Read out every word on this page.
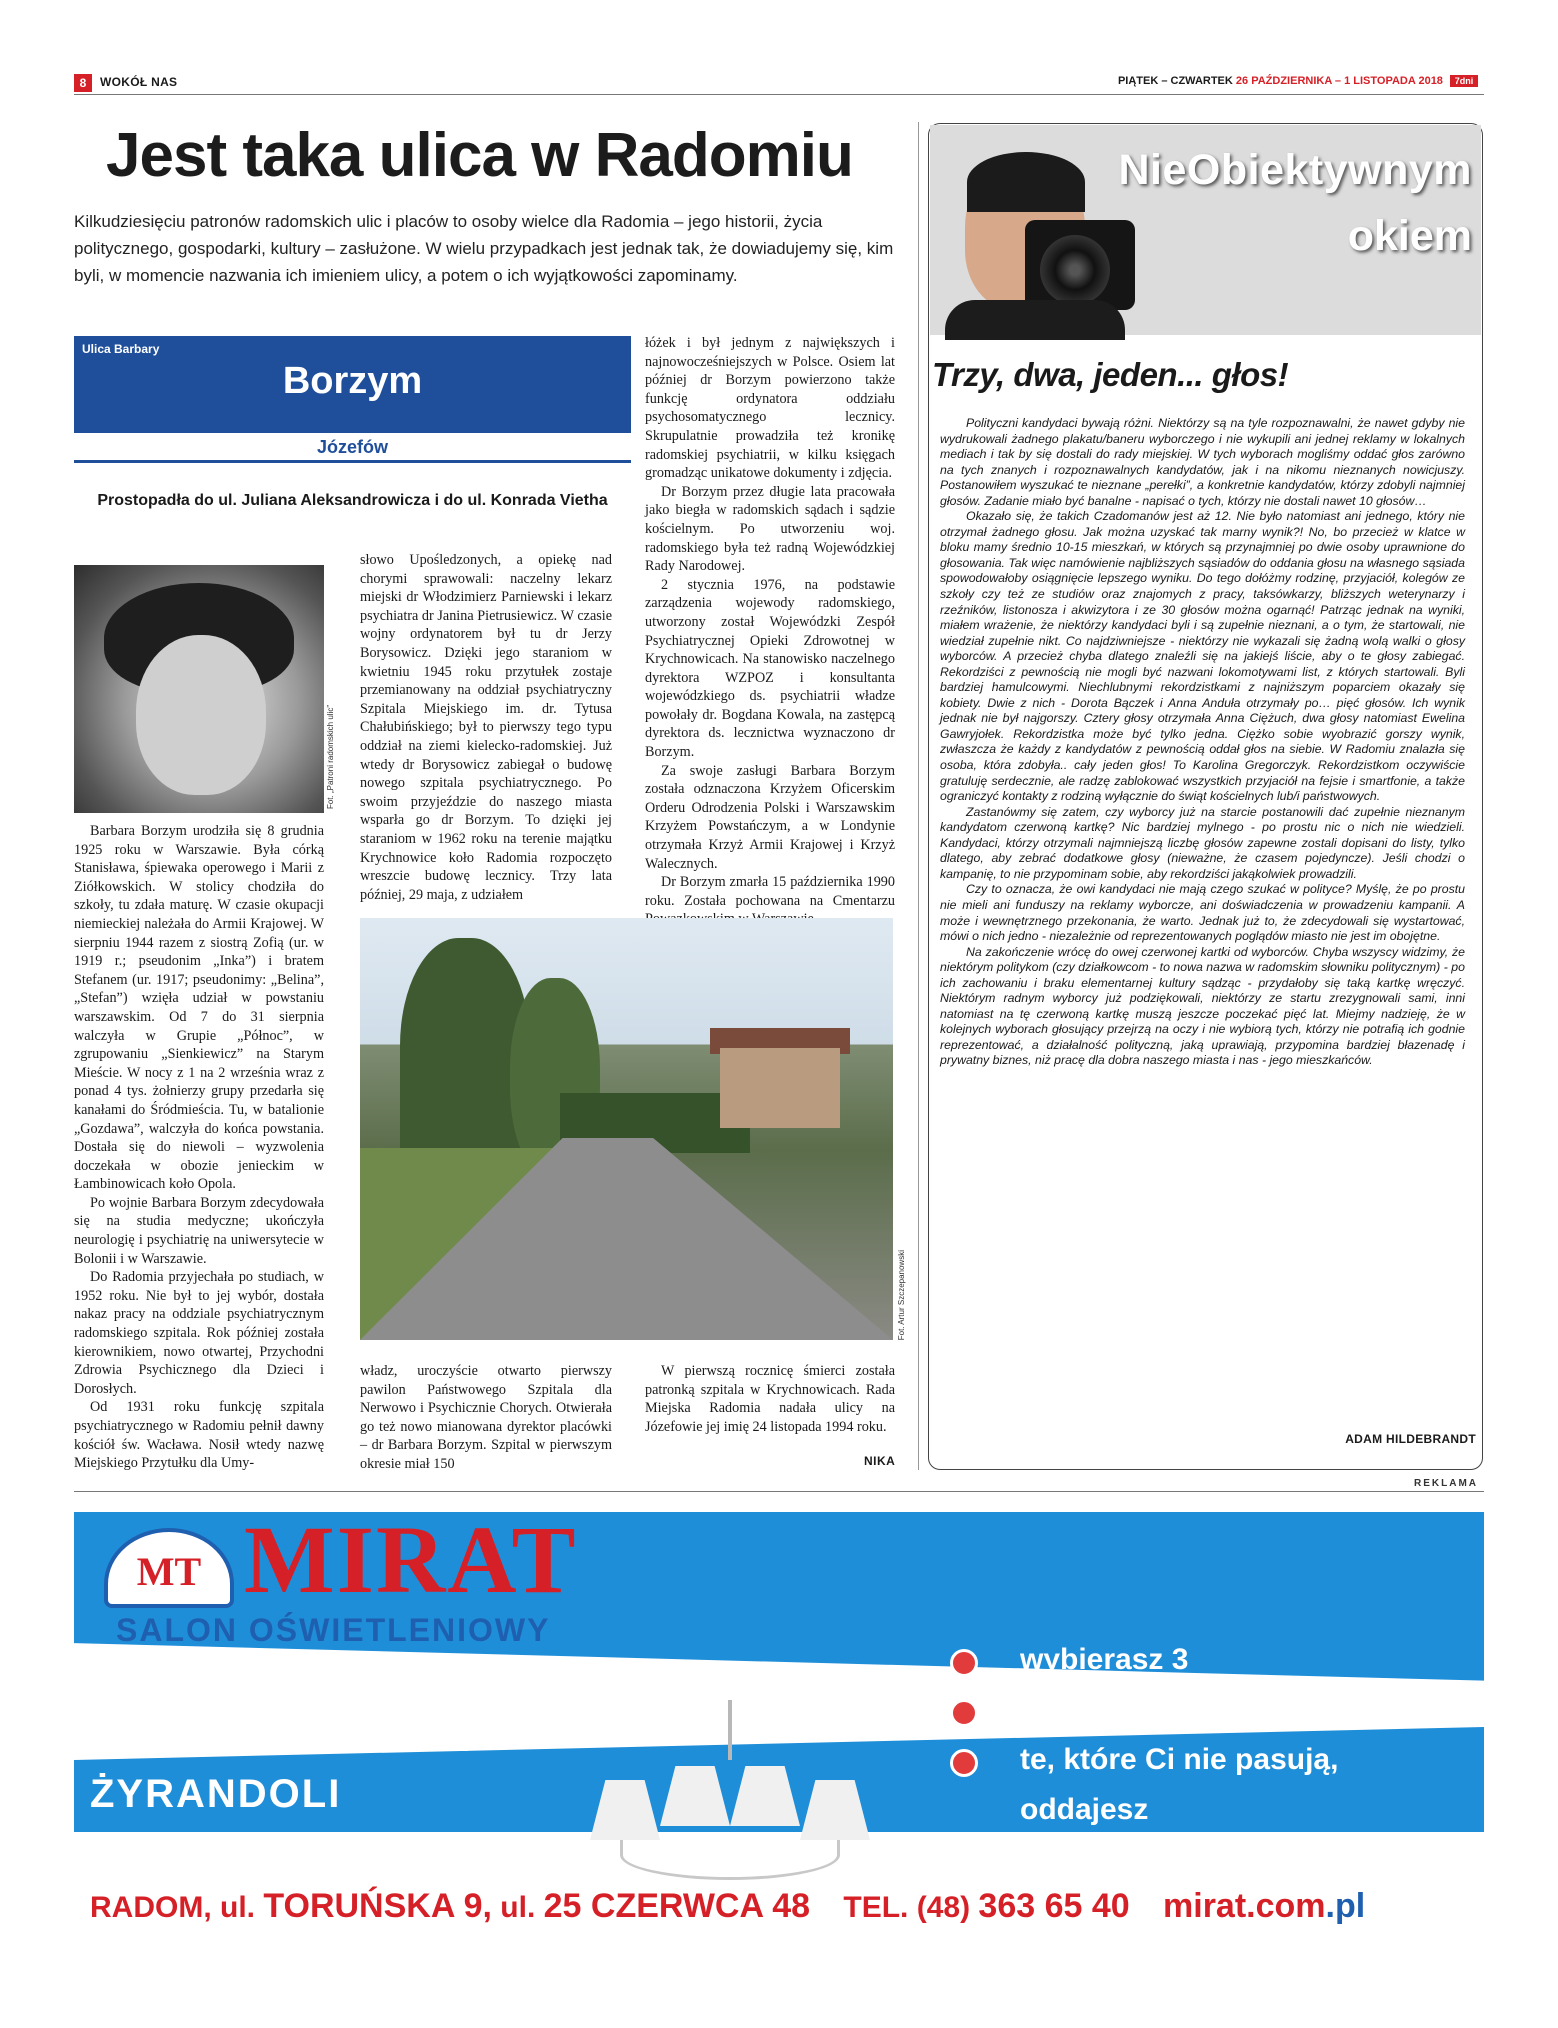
8	WOKÓŁ NAS	PIĄTEK – CZWARTEK 26 PAŹDZIERNIKA – 1 LISTOPADA 2018 7dni
Jest taka ulica w Radomiu

Kilkudziesięciu patronów radomskich ulic i placów to osoby wielce dla Radomia – jego historii, życia politycznego, gospodarki, kultury – zasłużone. W wielu przypadkach jest jednak tak, że dowiadujemy się, kim byli, w momencie nazwania ich imieniem ulicy, a potem o ich wyjątkowości zapominamy.

Ulica Barbary
Borzym
Józefów
Prostopadła do ul. Juliana Aleksandrowicza i do ul. Konrada Vietha
Fot. „Patroni radomskich ulic”

Barbara Borzym urodziła się 8 grudnia 1925 roku w Warszawie. Była córką Stanisława, śpiewaka operowego i Marii z Ziółkowskich. W stolicy chodziła do szkoły, tu zdała maturę. W czasie okupacji niemieckiej należała do Armii Krajowej. W sierpniu 1944 razem z siostrą Zofią (ur. w 1919 r.; pseudonim „Inka”) i bratem Stefanem (ur. 1917; pseudonimy: „Belina”, „Stefan”) wzięła udział w powstaniu warszawskim. Od 7 do 31 sierpnia walczyła w Grupie „Północ”, w zgrupowaniu „Sienkiewicz” na Starym Mieście. W nocy z 1 na 2 września wraz z ponad 4 tys. żołnierzy grupy przedarła się kanałami do Śródmieścia. Tu, w batalionie „Gozdawa”, walczyła do końca powstania. Dostała się do niewoli – wyzwolenia doczekała w obozie jenieckim w Łambinowicach koło Opola.

Po wojnie Barbara Borzym zdecydowała się na studia medyczne; ukończyła neurologię i psychiatrię na uniwersytecie w Bolonii i w Warszawie.

Do Radomia przyjechała po studiach, w 1952 roku. Nie był to jej wybór, dostała nakaz pracy na oddziale psychiatrycznym radomskiego szpitala. Rok później została kierownikiem, nowo otwartej, Przychodni Zdrowia Psychicznego dla Dzieci i Dorosłych.

Od 1931 roku funkcję szpitala psychiatrycznego w Radomiu pełnił dawny kościół św. Wacława. Nosił wtedy nazwę Miejskiego Przytułku dla Umy-

słowo Upośledzonych, a opiekę nad chorymi sprawowali: naczelny lekarz miejski dr Włodzimierz Parniewski i lekarz psychiatra dr Janina Pietrusiewicz. W czasie wojny ordynatorem był tu dr Jerzy Borysowicz. Dzięki jego staraniom w kwietniu 1945 roku przytułek zostaje przemianowany na oddział psychiatryczny Szpitala Miejskiego im. dr. Tytusa Chałubińskiego; był to pierwszy tego typu oddział na ziemi kielecko-radomskiej. Już wtedy dr Borysowicz zabiegał o budowę nowego szpitala psychiatrycznego. Po swoim przyjeździe do naszego miasta wsparła go dr Borzym. To dzięki jej staraniom w 1962 roku na terenie majątku Krychnowice koło Radomia rozpoczęto wreszcie budowę lecznicy. Trzy lata później, 29 maja, z udziałem

łóżek i był jednym z największych i najnowocześniejszych w Polsce. Osiem lat później dr Borzym powierzono także funkcję ordynatora oddziału psychosomatycznego lecznicy. Skrupulatnie prowadziła też kronikę radomskiej psychiatrii, w kilku księgach gromadząc unikatowe dokumenty i zdjęcia.

Dr Borzym przez długie lata pracowała jako biegła w radomskich sądach i sądzie kościelnym. Po utworzeniu woj. radomskiego była też radną Wojewódzkiej Rady Narodowej.

2 stycznia 1976, na podstawie zarządzenia wojewody radomskiego, utworzony został Wojewódzki Zespół Psychiatrycznej Opieki Zdrowotnej w Krychnowicach. Na stanowisko naczelnego dyrektora WZPOZ i konsultanta wojewódzkiego ds. psychiatrii władze powołały dr. Bogdana Kowala, na zastępcą dyrektora ds. lecznictwa wyznaczono dr Borzym.

Za swoje zasługi Barbara Borzym została odznaczona Krzyżem Oficerskim Orderu Odrodzenia Polski i Warszawskim Krzyżem Powstańczym, a w Londynie otrzymała Krzyż Armii Krajowej i Krzyż Walecznych.

Dr Borzym zmarła 15 października 1990 roku. Została pochowana na Cmentarzu

Fot. Artur Szczepanowski

władz, uroczyście otwarto pierwszy pawilon Państwowego Szpitala dla Nerwowo i Psychicznie Chorych. Otwierała go też nowo mianowana dyrektor placówki – dr Barbara Borzym. Szpital w pierwszym okresie miał 150

W pierwszą rocznicę śmierci została patronką szpitala w Krychnowicach. Rada Miejska Radomia nadała ulicy na Józefowie jej imię 24 listopada 1994 roku.

NIKA
NieObiektywnym
okiem
Trzy, dwa, jeden... głos!

Polityczni kandydaci bywają różni. Niektórzy są na tyle rozpoznawalni, że nawet gdyby nie wydrukowali żadnego plakatu/baneru wyborczego i nie wykupili ani jednej reklamy w lokalnych mediach i tak by się dostali do rady miejskiej. W tych wyborach mogliśmy oddać głos zarówno na tych znanych i rozpoznawalnych kandydatów, jak i na nikomu nieznanych nowicjuszy. Postanowiłem wyszukać te nieznane „perełki”, a konkretnie kandydatów, którzy zdobyli najmniej głosów. Zadanie miało być banalne - napisać o tych, którzy nie dostali nawet 10 głosów…

Okazało się, że takich Czadomanów jest aż 12. Nie było natomiast ani jednego, który nie otrzymał żadnego głosu. Jak można uzyskać tak marny wynik?! No, bo przecież w klatce w bloku mamy średnio 10-15 mieszkań, w których są przynajmniej po dwie osoby uprawnione do głosowania. Tak więc namówienie najbliższych sąsiadów do oddania głosu na własnego sąsiada spowodowałoby osiągnięcie lepszego wyniku. Do tego dołóżmy rodzinę, przyjaciół, kolegów ze szkoły czy też ze studiów oraz znajomych z pracy, taksówkarzy, bliższych weterynarzy i rzeźników, listonosza i akwizytora i ze 30 głosów można ogarnąć! Patrząc jednak na wyniki, miałem wrażenie, że niektórzy kandydaci byli i są zupełnie nieznani, a o tym, że startowali, nie wiedział zupełnie nikt. Co najdziwniejsze - niektórzy nie wykazali się żadną wolą walki o głosy wyborców. A przecież chyba dlatego znaleźli się na jakiejś liście, aby o te głosy zabiegać. Rekordziści z pewnością nie mogli być nazwani lokomotywami list, z których startowali. Byli bardziej hamulcowymi. Niechlubnymi rekordzistkami z najniższym poparciem okazały się kobiety. Dwie z nich - Dorota Bączek i Anna Anduła otrzymały po… pięć głosów. Ich wynik jednak nie był najgorszy. Cztery głosy otrzymała Anna Ciężuch, dwa głosy natomiast Ewelina Gawryjołek. Rekordzistka może być tylko jedna. Ciężko sobie wyobrazić gorszy wynik, zwłaszcza że każdy z kandydatów z pewnością oddał głos na siebie. W Radomiu znalazła się osoba, która zdobyła.. cały jeden głos! To Karolina Gregorczyk. Rekordzistkom oczywiście gratuluję serdecznie, ale radzę zablokować wszystkich przyjaciół na fejsie i smartfonie, a także ograniczyć kontakty z rodziną wyłącznie do świąt kościelnych lub/i państwowych.

Zastanówmy się zatem, czy wyborcy już na starcie postanowili dać zupełnie nieznanym kandydatom czerwoną kartkę? Nic bardziej mylnego - po prostu nic o nich nie wiedzieli. Kandydaci, którzy otrzymali najmniejszą liczbę głosów zapewne zostali dopisani do listy, tylko dlatego, aby zebrać dodatkowe głosy (nieważne, że czasem pojedyncze). Jeśli chodzi o kampanię, to nie przypominam sobie, aby rekordziści jakąkolwiek prowadzili.

Czy to oznacza, że owi kandydaci nie mają czego szukać w polityce? Myślę, że po prostu nie mieli ani funduszy na reklamy wyborcze, ani doświadczenia w prowadzeniu kampanii. A może i wewnętrznego przekonania, że warto. Jednak już to, że zdecydowali się wystartować, mówi o nich jedno - niezależnie od reprezentowanych poglądów miasto nie jest im obojętne.

Na zakończenie wrócę do owej czerwonej kartki od wyborców. Chyba wszyscy widzimy, że niektórym politykom (czy działkowcom - to nowa nazwa w radomskim słowniku politycznym) - po ich zachowaniu i braku elementarnej kultury sądząc - przydałoby się taką kartkę wręczyć. Niektórym radnym wyborcy już podziękowali, niektórzy ze startu zrezygnowali sami, inni natomiast na tę czerwoną kartkę muszą jeszcze poczekać pięć lat. Miejmy nadzieję, że w kolejnych wyborach głosujący przejrzą na oczy i nie wybiorą tych, którzy nie potrafią ich godnie reprezentować, a działalność polityczną, jaką uprawiają, przypomina bardziej błazenadę i prywatny biznes, niż pracę dla dobra naszego miasta i nas - jego mieszkańców.

ADAM HILDEBRANDT
REKLAMA
MT MIRAT
SALON OŚWIETLENIOWY
PRZYMIERZALNIA
ŻYRANDOLI
wybierasz 3
przymierzasz w domu
te, które Ci nie pasują, oddajesz
RADOM, ul. TORUŃSKA 9, ul. 25 CZERWCA 48 TEL. (48) 363 65 40 mirat.com.pl
